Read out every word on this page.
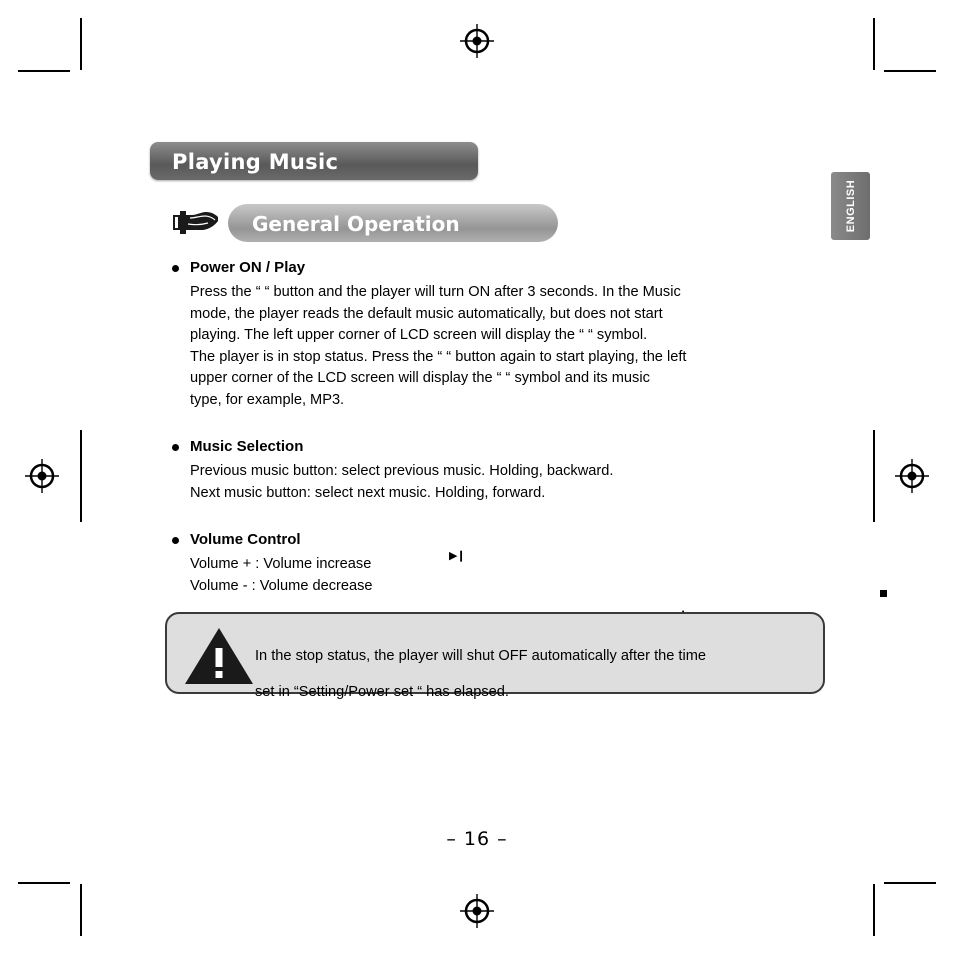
ENGLISH
Playing Music
General Operation
Power ON / Play

Press the “ “ button and the player will turn ON after 3 seconds. In the Music

mode, the player reads the default music automatically, but does not start

playing. The left upper corner of LCD screen will display the “ “ symbol.

The player is in stop status. Press the “ “ button again to start playing, the left

upper corner of the LCD screen will display the “ “ symbol and its music

type, for example, MP3.

▶❙
Music Selection

Previous music button: select previous music. Holding, backward.

Next music button: select next music. Holding, forward.

Volume Control

Volume + : Volume increase

Volume - : Volume decrease

In the stop status, the player will shut OFF automatically after the time

set in “Setting/Power set “ has elapsed.

– 16 –
